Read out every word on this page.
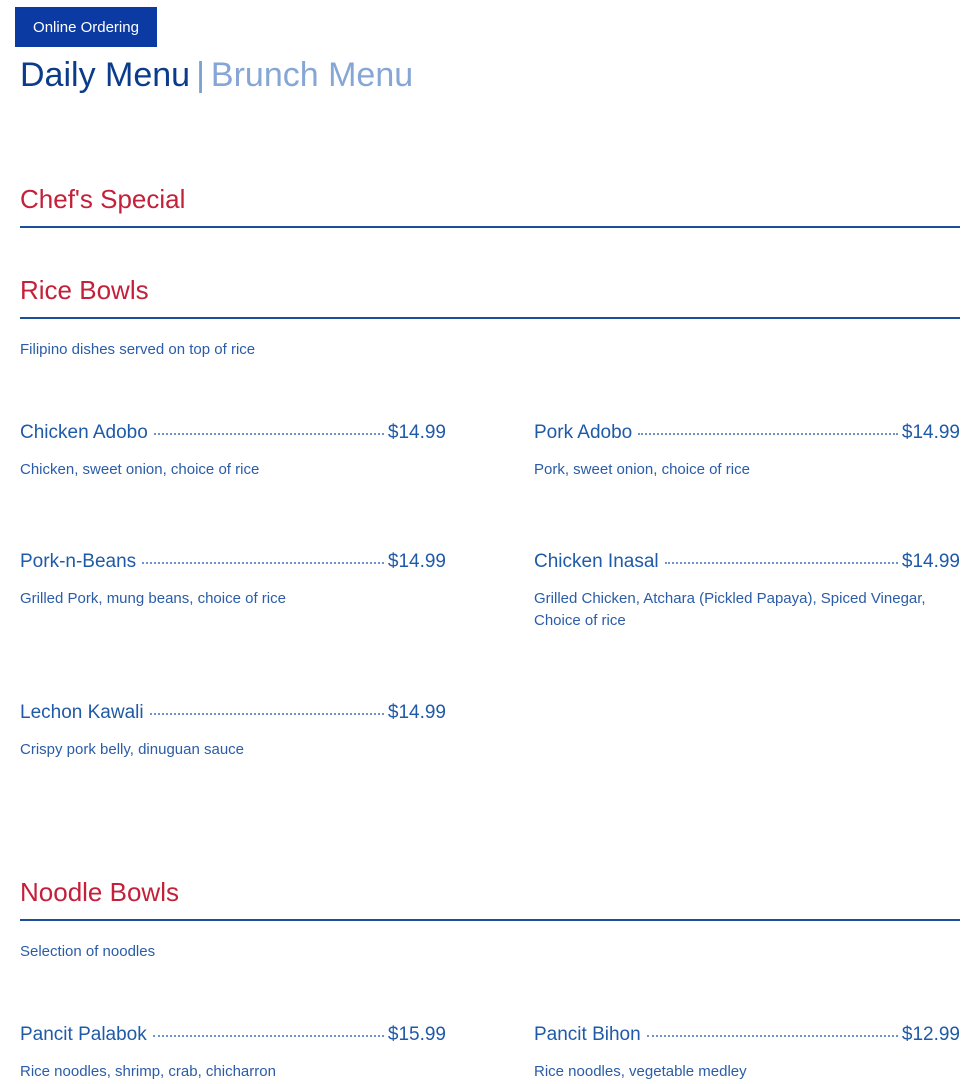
Online Ordering
Daily Menu | Brunch Menu
Chef's Special
Rice Bowls
Filipino dishes served on top of rice
Chicken Adobo	$14.99
Chicken, sweet onion, choice of rice
Pork Adobo	$14.99
Pork, sweet onion, choice of rice
Pork-n-Beans	$14.99
Grilled Pork, mung beans, choice of rice
Chicken Inasal	$14.99
Grilled Chicken, Atchara (Pickled Papaya), Spiced Vinegar, Choice of rice
Lechon Kawali	$14.99
Crispy pork belly, dinuguan sauce
Noodle Bowls
Selection of noodles
Pancit Palabok	$15.99
Rice noodles, shrimp, crab, chicharron
Pancit Bihon	$12.99
Rice noodles, vegetable medley
